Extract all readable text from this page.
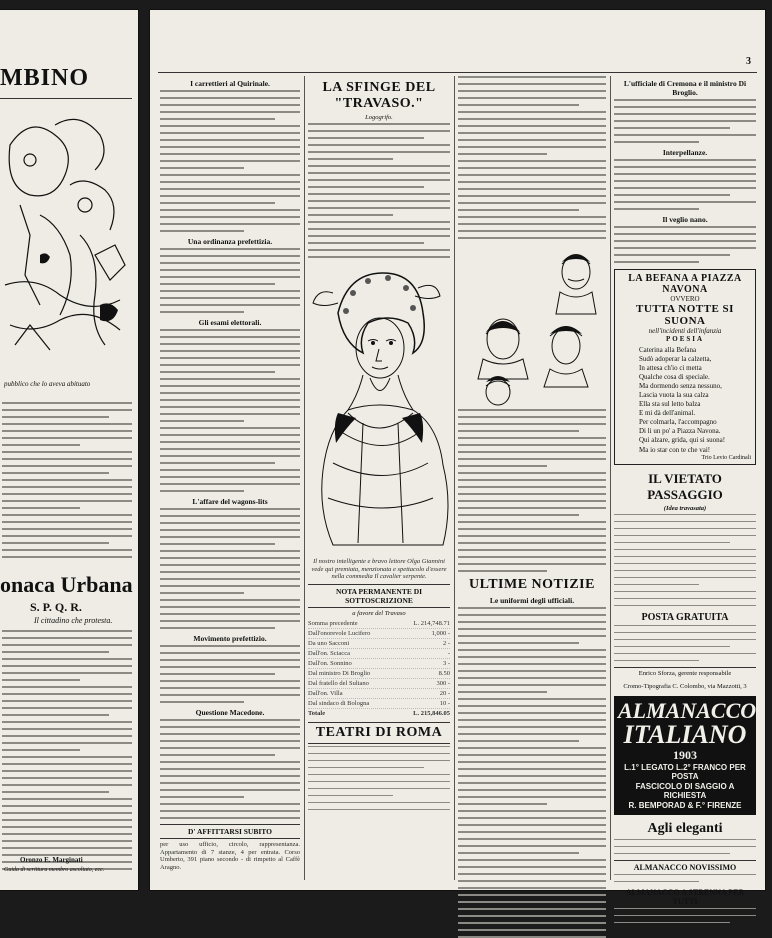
MBINO
pubblico che lo aveva abituato
onaca Urbana
S. P. Q. R.
Il cittadino che protesta.
Oronzo E. Marginati
Guida di scrittura membro ascoltato, ecc.
3
I carrettieri al Quirinale.
Una ordinanza prefettizia.
Gli esami elettorali.
L'affare del wagons-lits
Movimento prefettizio.
Questione Macedone.
D' AFFITTARSI SUBITO

per uso ufficio, circolo, rappresentanza. Appartamento di 7 stanze, 4 per entrata. Corso Umberto, 391 piano secondo - di rimpetto al Caffè Aragno.

LA SFINGE DEL "TRAVASO."
Logogrifo.

Il nostro intelligente e bravo lettore Olga Giannini vede qui premiata, menzionata e spettacolo d'essere nella commedia Il cavalier serpente.

NOTA PERMANENTE DI SOTTOSCRIZIONE
a favore del Travaso
Somma precedente	L. 214,748.71
Dall'onorevole Lucifero	1,000 -
Da uno Sacconi	2 -
Dall'on. Sciacca	-
Dall'on. Sonnino	3 -
Dal ministro Di Broglio	8.50
Dal fratello del Sultano	300 -
Dall'on. Villa	20 -
Dal sindaco di Bologna	10 -
Totale	L. 215,846.05
TEATRI DI ROMA
ULTIME NOTIZIE
Le uniformi degli ufficiali.
L'ufficiale di Cremona e il ministro Di Broglio.
Interpellanze.
Il veglio nano.
LA BEFANA A PIAZZA NAVONA
OVVERO
TUTTA NOTTE SI SUONA
nell'incidenti dell'infanzia
POESIA
Caterina alla Befana
Sudò adoperar la calzetta,
In attesa ch'io ci metta
Qualche cosa di speciale.
Ma dormendo senza nessuno,
Lascia vuota la sua calza
Ella sta sul letto balza
E mi dà dell'animal.
Per colmarla, l'accompagno
Di li un po' a Piazza Navona.
Qui alzare, grida, qui si suona!
Ma io star con te che vai!
Trio Levio Cardinali
IL VIETATO PASSAGGIO
(Idea travasata)
POSTA GRATUITA
Enrico Sforza, gerente responsabile
Cromo-Tipografia C. Colombo, via Mazzotti, 3
ALMANACCO
ITALIANO
1903
L.1° LEGATO L.2° FRANCO PER POSTA
FASCICOLO DI SAGGIO A RICHIESTA
R. BEMPORAD & F.° FIRENZE
Agli eleganti
ALMANACCO NOVISSIMO
ALMANACCO A STRENNA PER TUTTI
